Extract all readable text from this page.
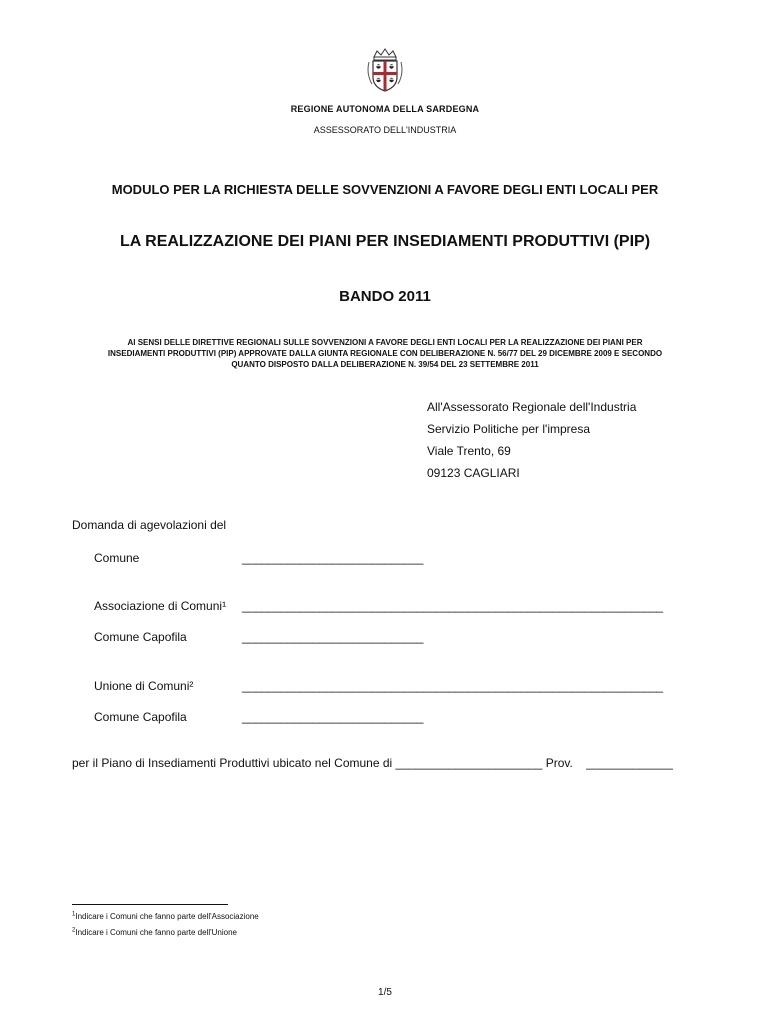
REGIONE AUTONOMA DELLA SARDEGNA
ASSESSORATO DELL'INDUSTRIA
MODULO PER LA RICHIESTA DELLE SOVVENZIONI A FAVORE DEGLI ENTI LOCALI PER
LA REALIZZAZIONE DEI PIANI PER INSEDIAMENTI PRODUTTIVI (PIP)
BANDO 2011
AI SENSI DELLE DIRETTIVE REGIONALI SULLE SOVVENZIONI A FAVORE DEGLI ENTI LOCALI PER LA REALIZZAZIONE DEI PIANI PER
INSEDIAMENTI PRODUTTIVI (PIP) APPROVATE DALLA GIUNTA REGIONALE CON DELIBERAZIONE N. 56/77 DEL 29 DICEMBRE 2009 E SECONDO
QUANTO DISPOSTO DALLA DELIBERAZIONE N. 39/54 DEL 23 SETTEMBRE 2011
All'Assessorato Regionale dell'Industria
Servizio Politiche per l'impresa
Viale Trento, 69
09123 CAGLIARI
Domanda di agevolazioni del
Comune	____________________________
Associazione di Comuni¹ _________________________________________________________________
Comune Capofila	____________________________
Unione di Comuni²	_________________________________________________________________
Comune Capofila	____________________________
per il Piano di Insediamenti Produttivi ubicato nel Comune di ______________________ Prov. _____________
$^1$Indicare i Comuni che fanno parte dell'Associazione
$^2$Indicare i Comuni che fanno parte dell'Unione
1/5
